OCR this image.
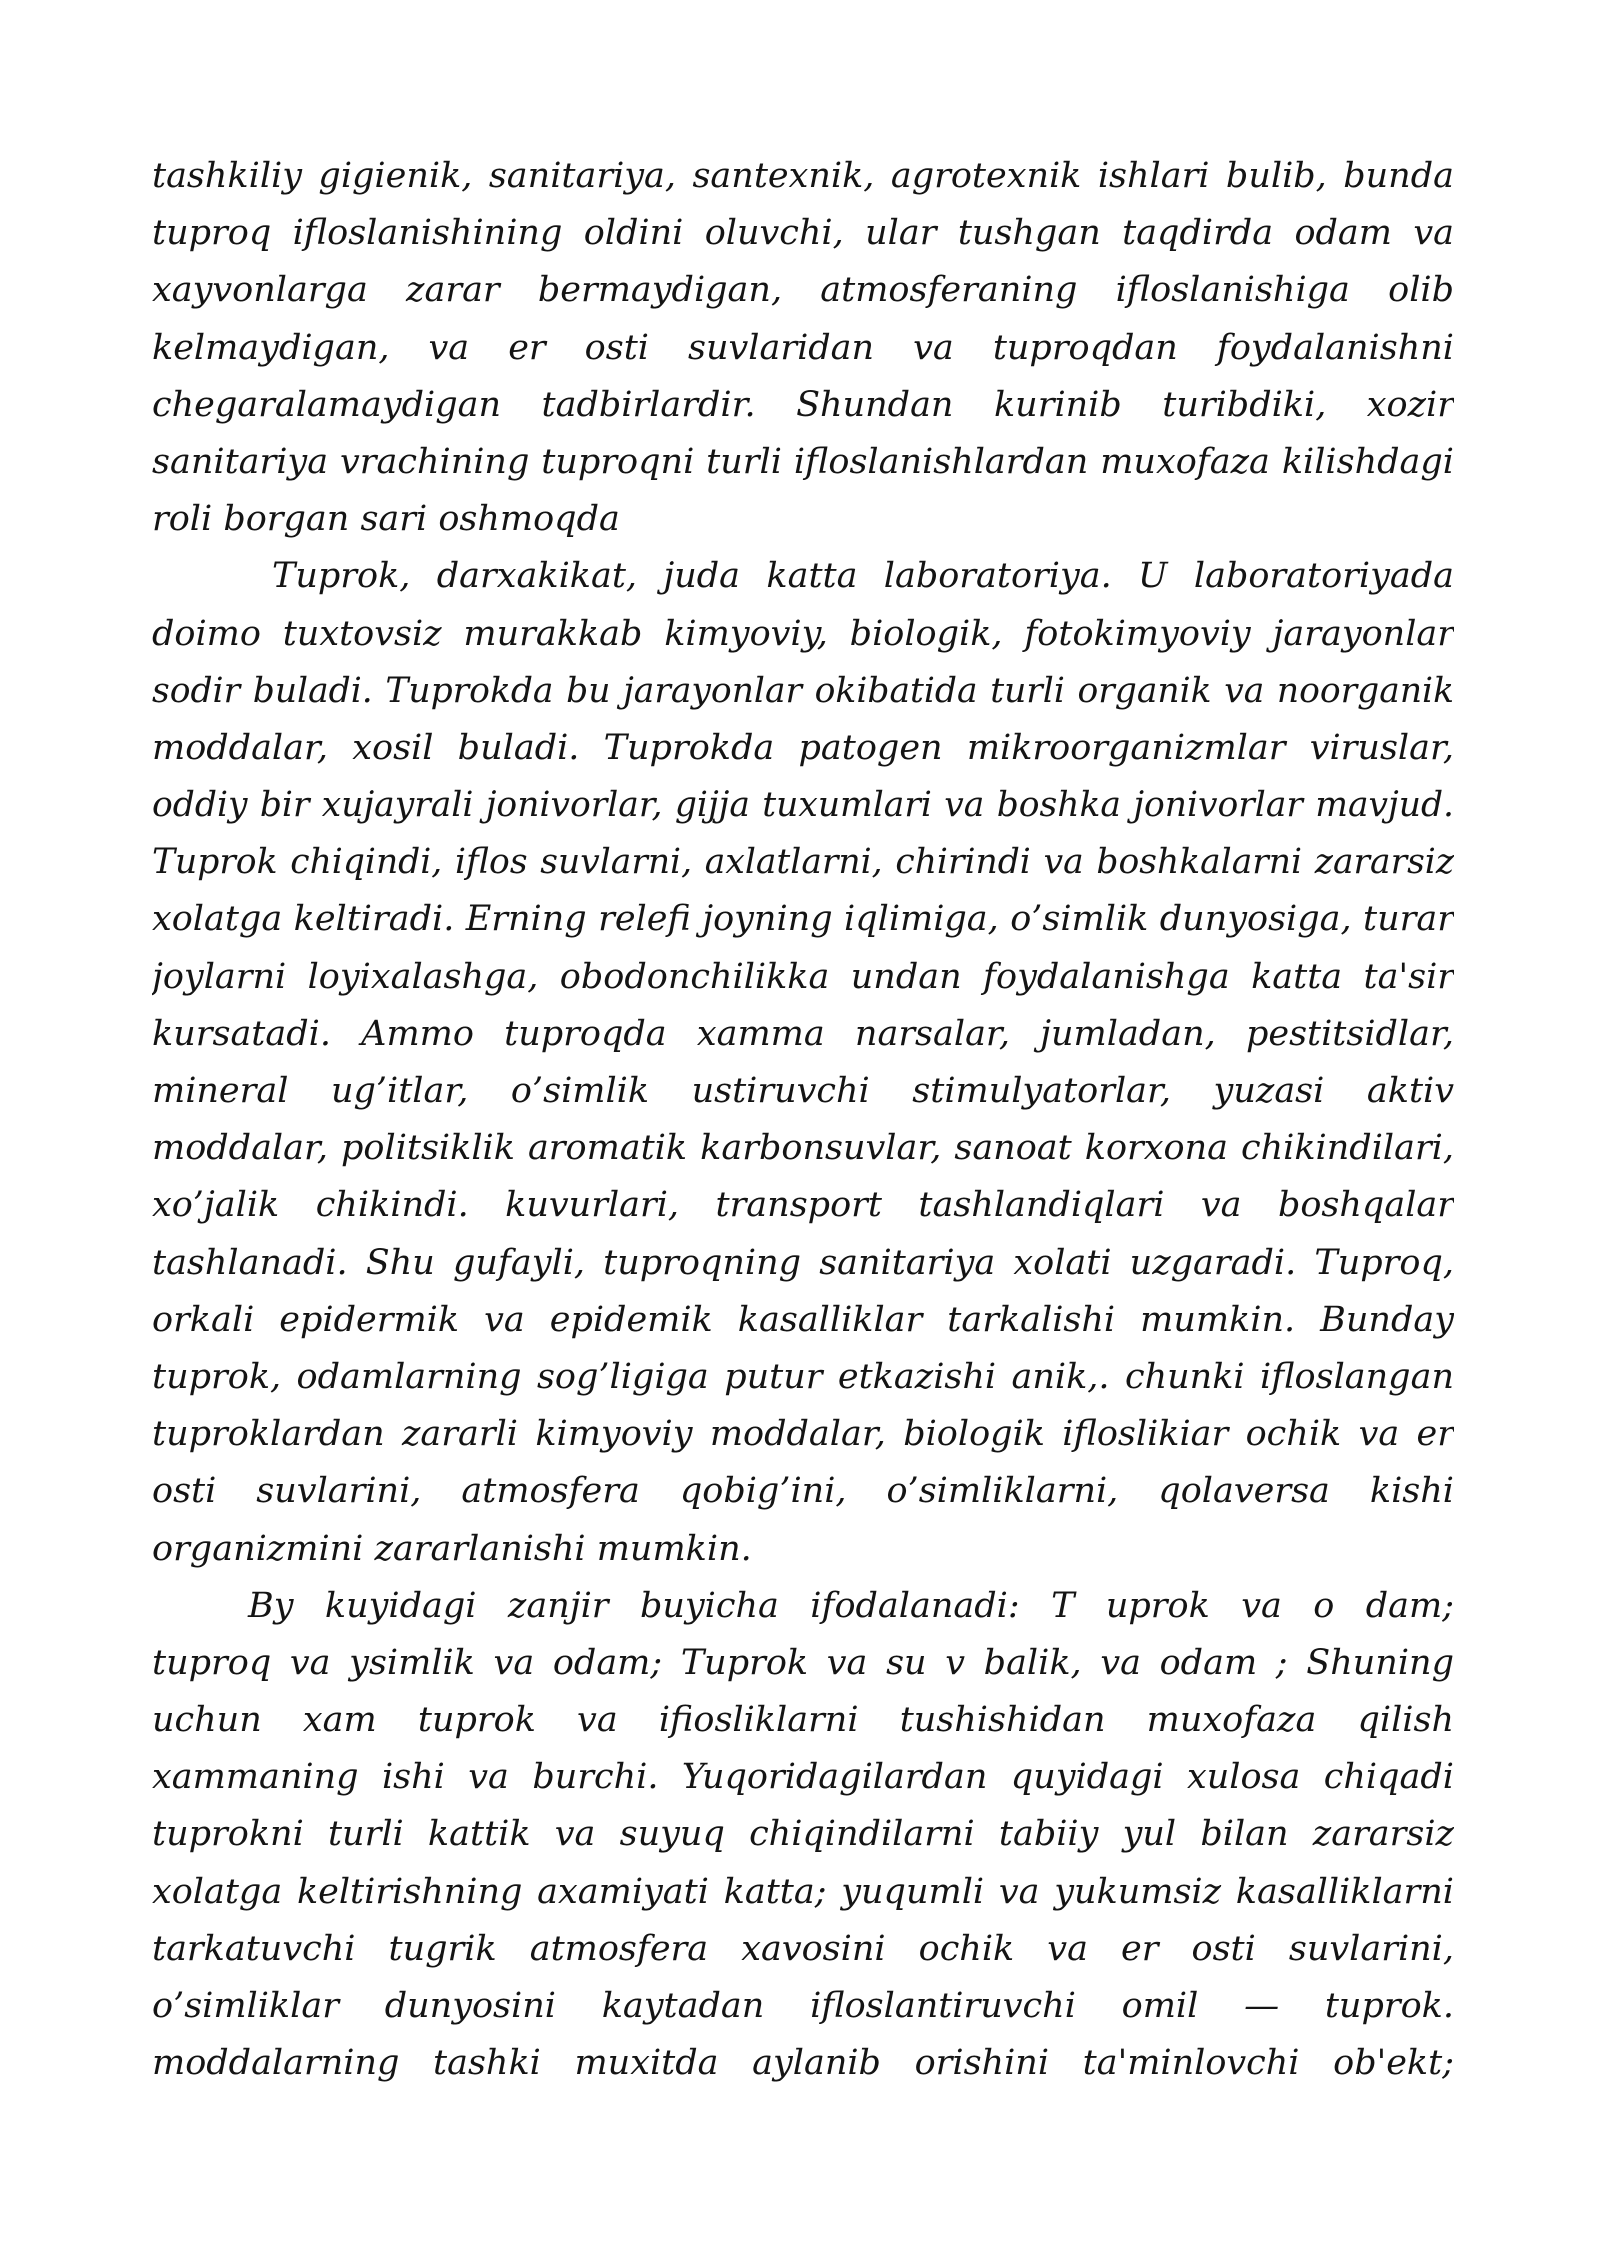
tashkiliy gigienik, sanitariya, santexnik, agrotexnik ishlari bulib, bunda
tuproq ifloslanishining oldini oluvchi, ular tushgan taqdirda odam va
xayvonlarga zarar bermaydigan, atmosferaning ifloslanishiga olib
kelmaydigan, va er osti suvlaridan va tuproqdan foydalanishni
chegaralamaydigan tadbirlardir. Shundan kurinib turibdiki, xozir
sanitariya vrachining tuproqni turli ifloslanishlardan muxofaza kilishdagi
roli borgan sari oshmoqda
Tuprok, darxakikat, juda katta laboratoriya. U laboratoriyada
doimo tuxtovsiz murakkab kimyoviy, biologik, fotokimyoviy jarayonlar
sodir buladi. Tuprokda bu jarayonlar okibatida turli organik va noorganik
moddalar, xosil buladi. Tuprokda patogen mikroorganizmlar viruslar,
oddiy bir xujayrali jonivorlar, gijja tuxumlari va boshka jonivorlar mavjud.
Tuprok chiqindi, iflos suvlarni, axlatlarni, chirindi va boshkalarni zararsiz
xolatga keltiradi. Erning relefi joyning iqlimiga, o’simlik dunyosiga, turar
joylarni loyixalashga, obodonchilikka undan foydalanishga katta ta'sir
kursatadi. Ammo tuproqda xamma narsalar, jumladan, pestitsidlar,
mineral ug’itlar, o’simlik ustiruvchi stimulyatorlar, yuzasi aktiv
moddalar, politsiklik aromatik karbonsuvlar, sanoat korxona chikindilari,
xo’jalik chikindi. kuvurlari, transport tashlandiqlari va boshqalar
tashlanadi. Shu gufayli, tuproqning sanitariya xolati uzgaradi. Tuproq,
orkali epidermik va epidemik kasalliklar tarkalishi mumkin. Bunday
tuprok, odamlarning sog’ligiga putur etkazishi anik,. chunki ifloslangan
tuproklardan zararli kimyoviy moddalar, biologik ifloslikiar ochik va er
osti suvlarini, atmosfera qobig’ini, o’simliklarni, qolaversa kishi
organizmini zararlanishi mumkin.
By kuyidagi zanjir buyicha ifodalanadi: T uprok va o dam;
tuproq va ysimlik va odam; Tuprok va su v balik, va odam ; Shuning
uchun xam tuprok va ifiosliklarni tushishidan muxofaza qilish
xammaning ishi va burchi. Yuqoridagilardan quyidagi xulosa chiqadi
tuprokni turli kattik va suyuq chiqindilarni tabiiy yul bilan zararsiz
xolatga keltirishning axamiyati katta; yuqumli va yukumsiz kasalliklarni
tarkatuvchi tugrik atmosfera xavosini ochik va er osti suvlarini,
o’simliklar dunyosini kaytadan ifloslantiruvchi omil — tuprok.
moddalarning tashki muxitda aylanib orishini ta'minlovchi ob'ekt;
